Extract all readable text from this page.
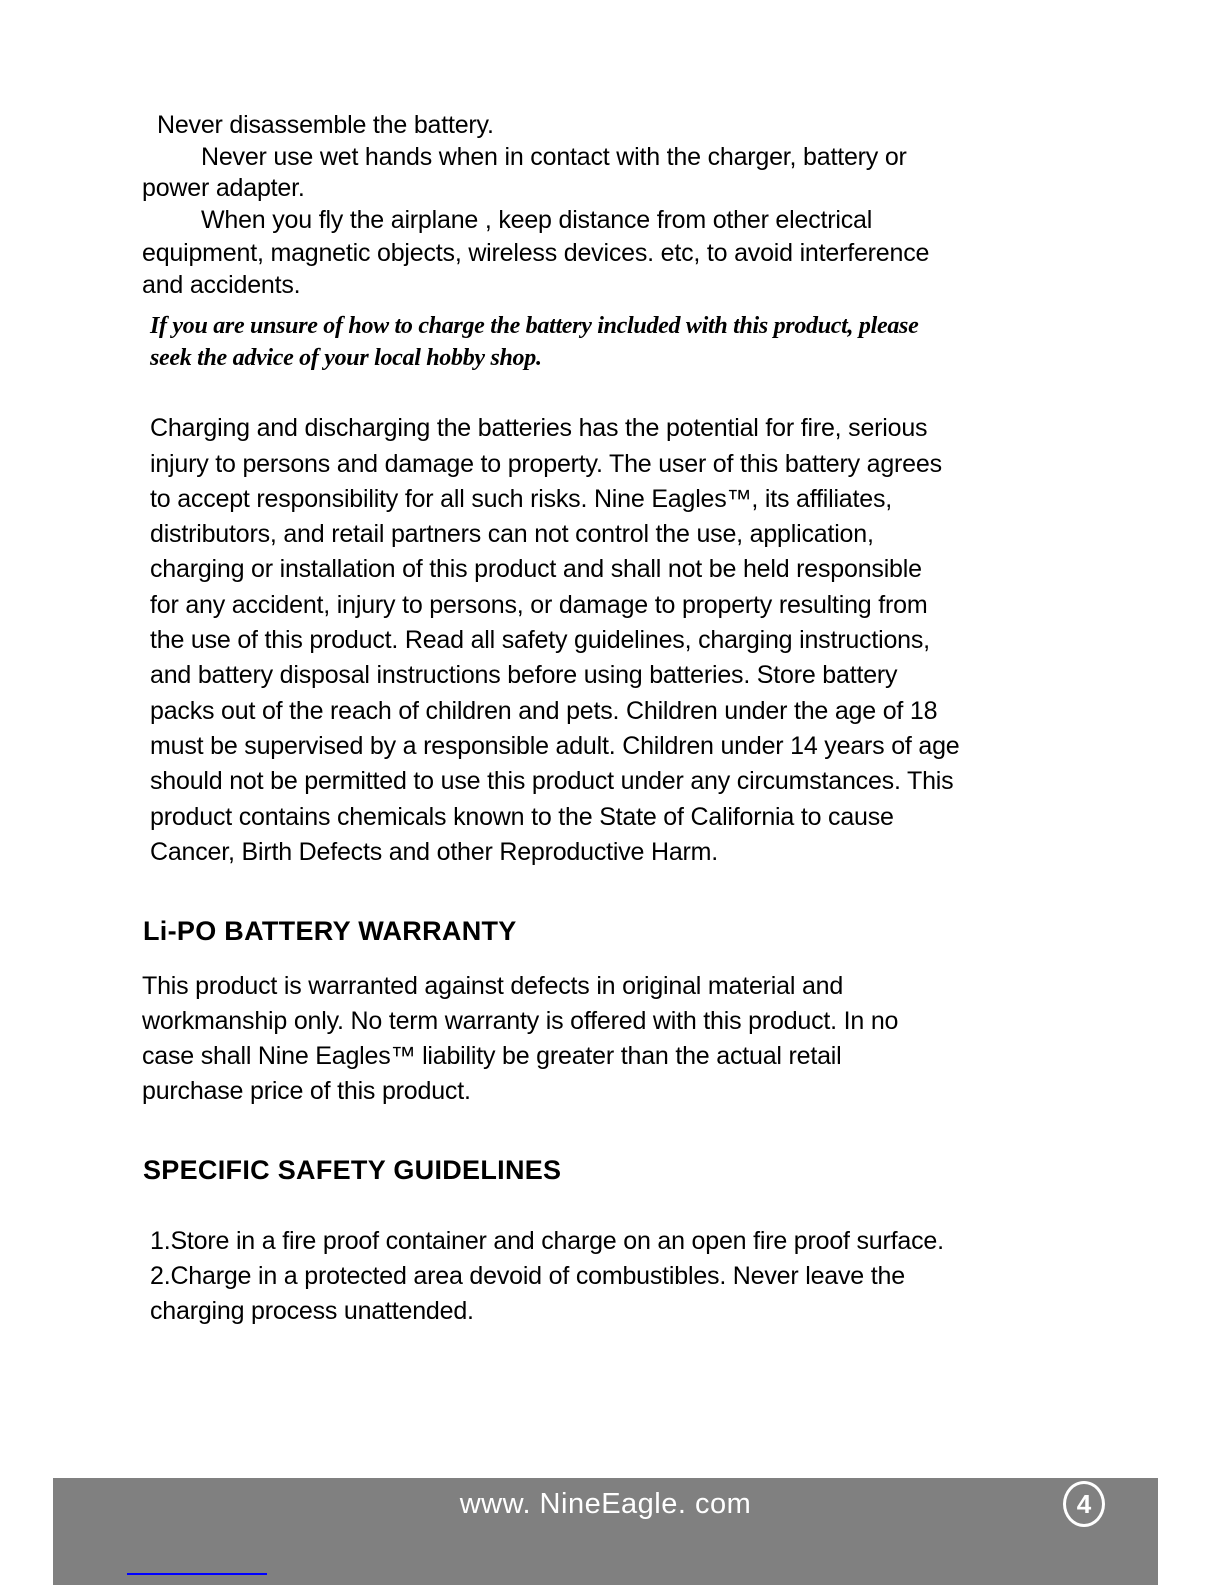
Never disassemble the battery.
Never use wet hands when in contact with the charger, battery or
power adapter.
When you fly the airplane , keep distance from other electrical
equipment, magnetic objects, wireless devices. etc, to avoid interference
and accidents.
If you are unsure of how to charge the battery included with this product, please
seek the advice of your local hobby shop.
Charging and discharging the batteries has the potential for fire, serious
injury to persons and damage to property. The user of this battery agrees
to accept responsibility for all such risks. Nine Eagles™, its affiliates,
distributors, and retail partners can not control the use, application,
charging or installation of this product and shall not be held responsible
for any accident, injury to persons, or damage to property resulting from
the use of this product. Read all safety guidelines, charging instructions,
and battery disposal instructions before using batteries. Store battery
packs out of the reach of children and pets. Children under the age of 18
must be supervised by a responsible adult. Children under 14 years of age
should not be permitted to use this product under any circumstances. This
product contains chemicals known to the State of California to cause
Cancer, Birth Defects and other Reproductive Harm.
Li-PO BATTERY WARRANTY
This product is warranted against defects in original material and
workmanship only. No term warranty is offered with this product. In no
case shall Nine Eagles™ liability be greater than the actual retail
purchase price of this product.
SPECIFIC SAFETY GUIDELINES
1.Store in a fire proof container and charge on an open fire proof surface.
2.Charge in a protected area devoid of combustibles. Never leave the
charging process unattended.
www. NineEagle. com	4
